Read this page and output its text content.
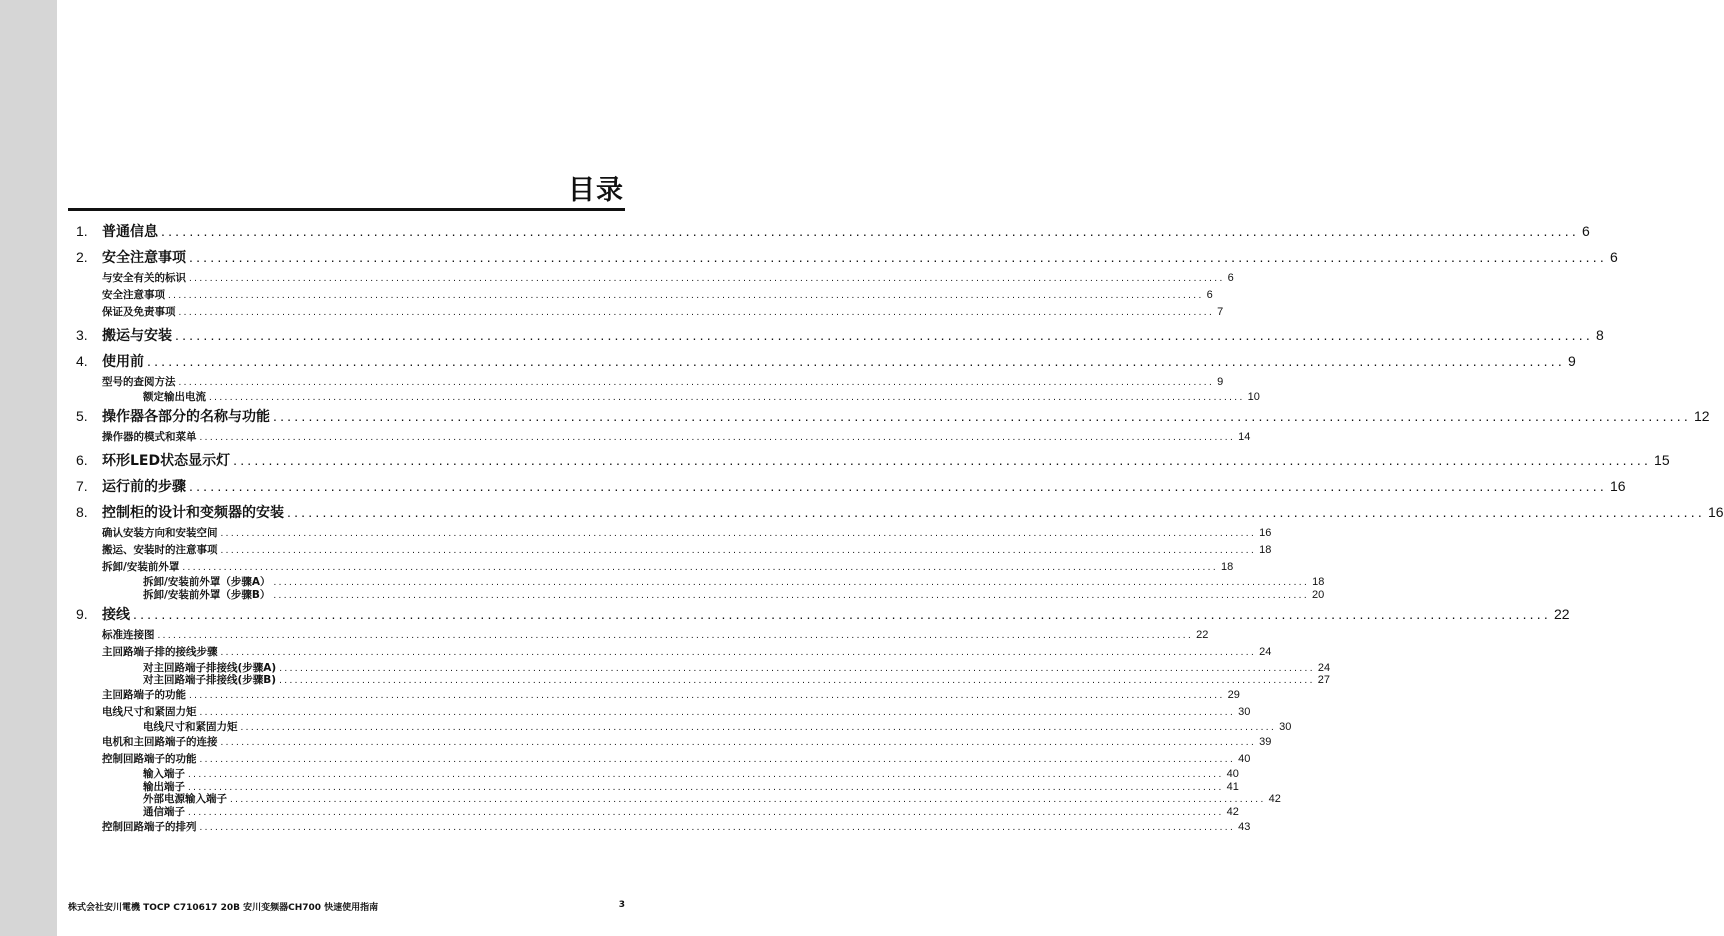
目录
1.	普通信息 ........................................................................................................................................................................................................ 6
2.	安全注意事项 ........................................................................................................................................................................................................ 6
与安全有关的标识 ........................................................................................................................................................................................................ 6
安全注意事项 ........................................................................................................................................................................................................ 6
保证及免责事项 ........................................................................................................................................................................................................ 7
3.	搬运与安装 ........................................................................................................................................................................................................ 8
4.	使用前 ........................................................................................................................................................................................................ 9
型号的查阅方法 ........................................................................................................................................................................................................ 9
额定输出电流 ........................................................................................................................................................................................................ 10
5.	操作器各部分的名称与功能 ........................................................................................................................................................................................................ 12
操作器的模式和菜单 ........................................................................................................................................................................................................ 14
6.	环形LED状态显示灯 ........................................................................................................................................................................................................ 15
7.	运行前的步骤 ........................................................................................................................................................................................................ 16
8.	控制柜的设计和变频器的安装 ........................................................................................................................................................................................................ 16
确认安装方向和安装空间 ........................................................................................................................................................................................................ 16
搬运、安装时的注意事项 ........................................................................................................................................................................................................ 18
拆卸/安装前外罩 ........................................................................................................................................................................................................ 18
拆卸/安装前外罩（步骤A） ........................................................................................................................................................................................................ 18
拆卸/安装前外罩（步骤B） ........................................................................................................................................................................................................ 20
9.	接线 ........................................................................................................................................................................................................ 22
标准连接图 ........................................................................................................................................................................................................ 22
主回路端子排的接线步骤 ........................................................................................................................................................................................................ 24
对主回路端子排接线(步骤A) ........................................................................................................................................................................................................ 24
对主回路端子排接线(步骤B) ........................................................................................................................................................................................................ 27
主回路端子的功能 ........................................................................................................................................................................................................ 29
电线尺寸和紧固力矩 ........................................................................................................................................................................................................ 30
电线尺寸和紧固力矩 ........................................................................................................................................................................................................ 30
电机和主回路端子的连接 ........................................................................................................................................................................................................ 39
控制回路端子的功能 ........................................................................................................................................................................................................ 40
输入端子 ........................................................................................................................................................................................................ 40
输出端子 ........................................................................................................................................................................................................ 41
外部电源输入端子 ........................................................................................................................................................................................................ 42
通信端子 ........................................................................................................................................................................................................ 42
控制回路端子的排列 ........................................................................................................................................................................................................ 43
株式会社安川電機 TOCP C710617 20B 安川变频器CH700 快速使用指南	3
